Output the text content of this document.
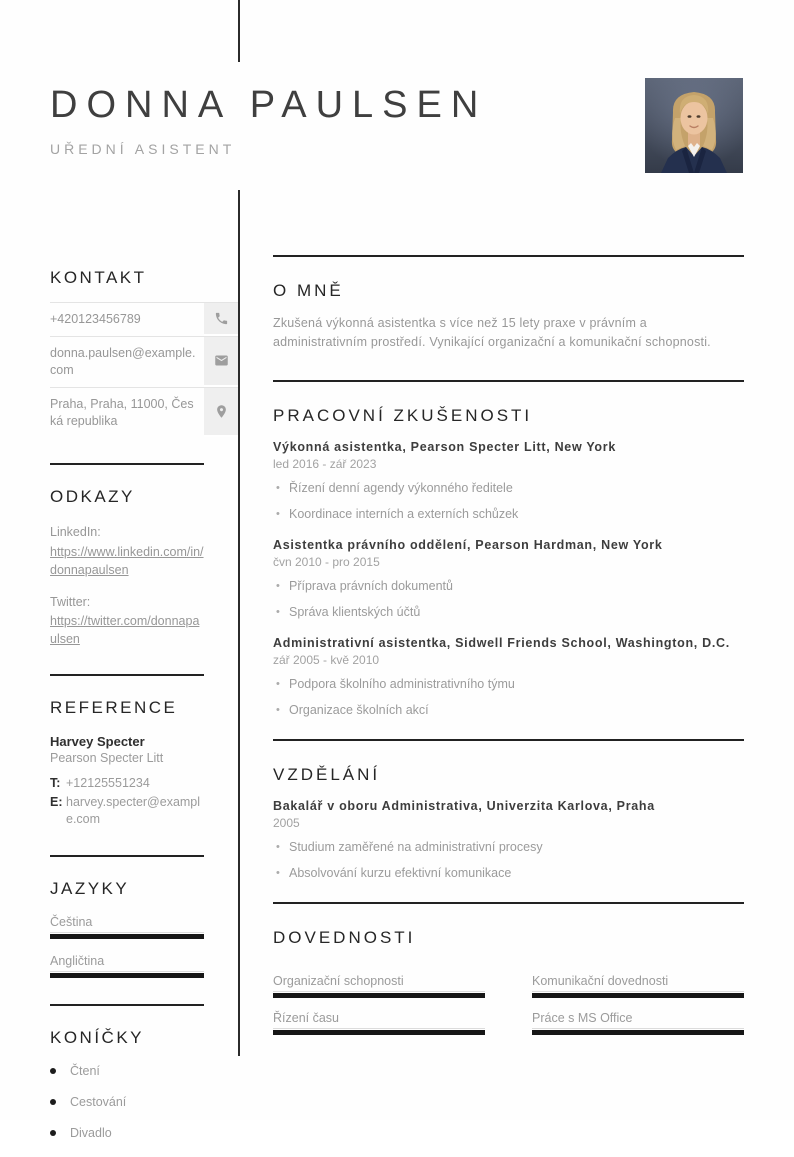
DONNA PAULSEN
UŘEDNÍ ASISTENT
KONTAKT
+420123456789
donna.paulsen@example.com
Praha, Praha, 11000, Česká republika
ODKAZY
LinkedIn:
https://www.linkedin.com/in/donnapaulsen
Twitter:
https://twitter.com/donnapaulsen
REFERENCE
Harvey Specter
Pearson Specter Litt
T: +12125551234
E: harvey.specter@example.com
JAZYKY
Čeština
Angličtina
KONÍČKY
Čtení
Cestování
Divadlo
O MNĚ
Zkušená výkonná asistentka s více než 15 lety praxe v právním a administrativním prostředí. Vynikající organizační a komunikační schopnosti.
PRACOVNÍ ZKUŠENOSTI
Výkonná asistentka, Pearson Specter Litt, New York
led 2016 - zář 2023
• Řízení denní agendy výkonného ředitele
• Koordinace interních a externích schůzek
Asistentka právního oddělení, Pearson Hardman, New York
čvn 2010 - pro 2015
• Příprava právních dokumentů
• Správa klientských účtů
Administrativní asistentka, Sidwell Friends School, Washington, D.C.
zář 2005 - kvě 2010
• Podpora školního administrativního týmu
• Organizace školních akcí
VZDĚLÁNÍ
Bakalář v oboru Administrativa, Univerzita Karlova, Praha
2005
• Studium zaměřené na administrativní procesy
• Absolvování kurzu efektivní komunikace
DOVEDNOSTI
Organizační schopnosti	Komunikační dovednosti
Řízení času	Práce s MS Office
